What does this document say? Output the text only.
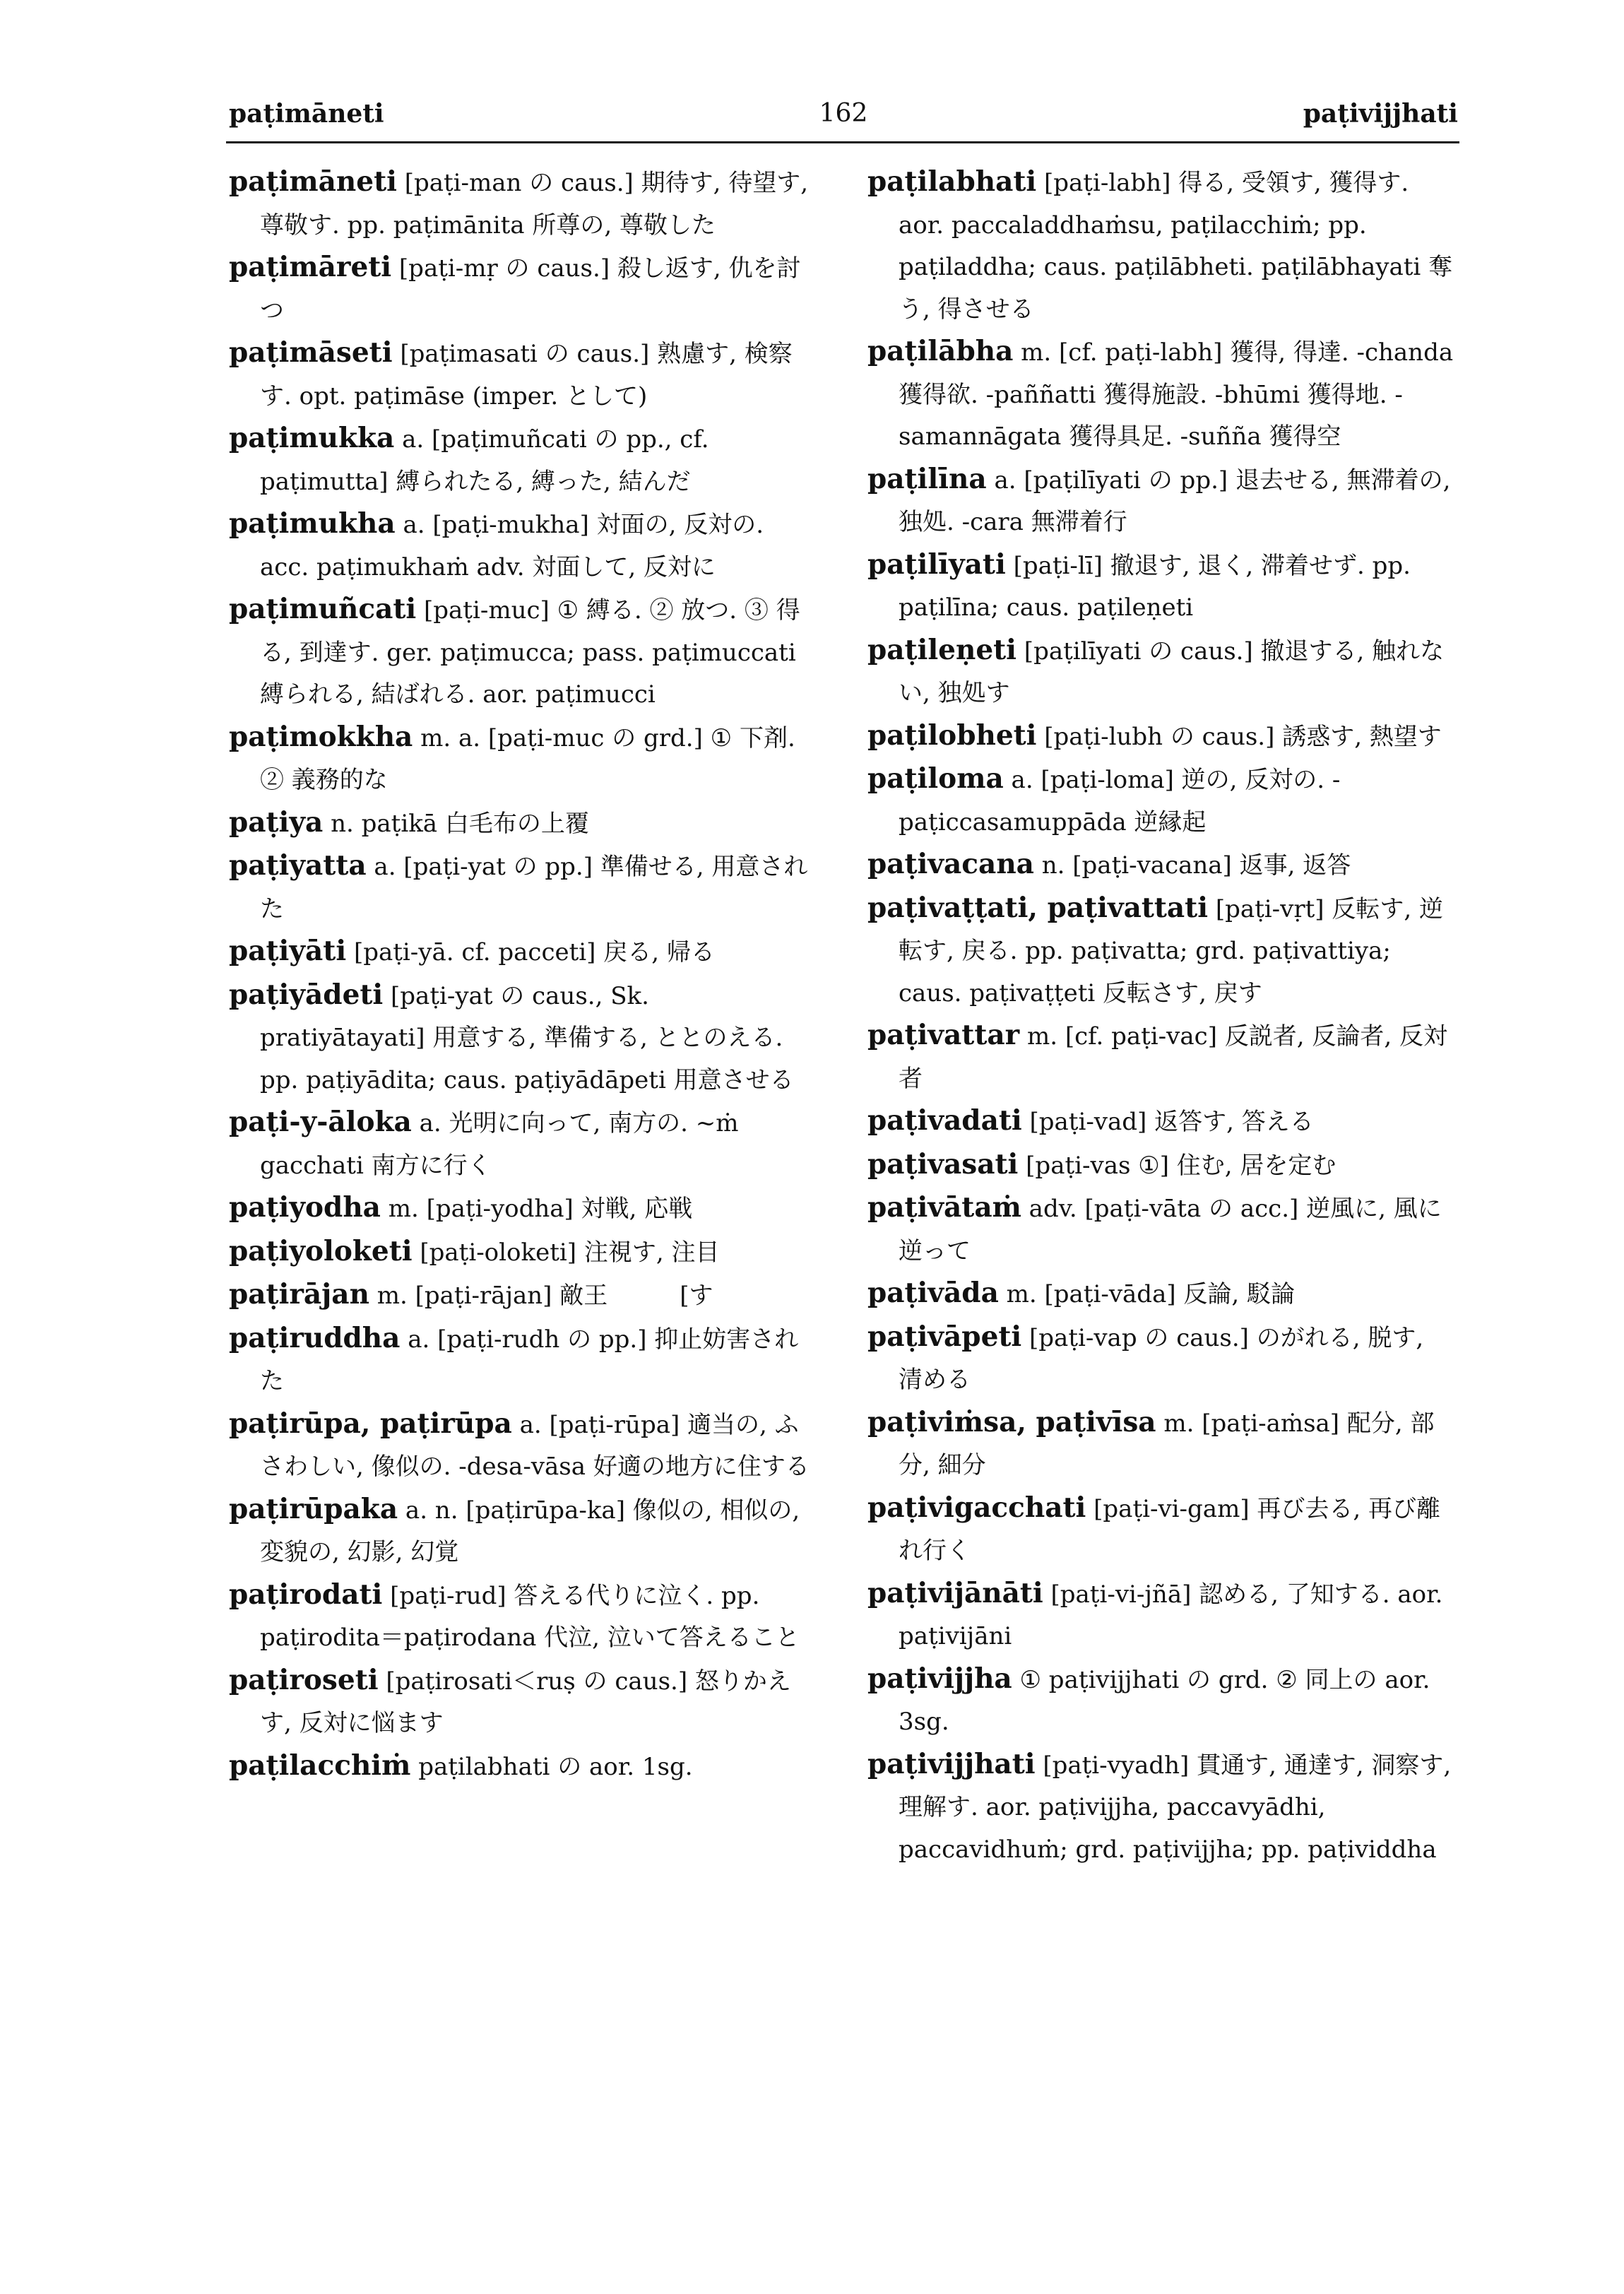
paṭimāneti	162	paṭivijjhati
paṭimāneti [paṭi-man の caus.] 期待す, 待望す, 尊敬す. pp. paṭimānita 所尊の, 尊敬した
paṭimāreti [paṭi-mṛ の caus.] 殺し返す, 仇を討つ
paṭimāseti [paṭimasati の caus.] 熟慮す, 検察す. opt. paṭimāse (imper. として)
paṭimukka a. [paṭimuñcati の pp., cf. paṭimutta] 縛られたる, 縛った, 結んだ
paṭimukha a. [paṭi-mukha] 対面の, 反対の. acc. paṭimukhaṁ adv. 対面して, 反対に
paṭimuñcati [paṭi-muc] ① 縛る. ② 放つ. ③ 得る, 到達す. ger. paṭimucca; pass. paṭimuccati 縛られる, 結ばれる. aor. paṭimucci
paṭimokkha m. a. [paṭi-muc の grd.] ① 下剤. ② 義務的な
paṭiya n. paṭikā 白毛布の上覆
paṭiyatta a. [paṭi-yat の pp.] 準備せる, 用意された
paṭiyāti [paṭi-yā. cf. pacceti] 戻る, 帰る
paṭiyādeti [paṭi-yat の caus., Sk. pratiyātayati] 用意する, 準備する, ととのえる. pp. paṭiyādita; caus. paṭiyādāpeti 用意させる
paṭi-y-āloka a. 光明に向って, 南方の. ~ṁ gacchati 南方に行く
paṭiyodha m. [paṭi-yodha] 対戦, 応戦
paṭiyoloketi [paṭi-oloketi] 注視す, 注目
paṭirājan m. [paṭi-rājan] 敵王　　　[す
paṭiruddha a. [paṭi-rudh の pp.] 抑止妨害された
paṭirūpa, paṭirūpa a. [paṭi-rūpa] 適当の, ふさわしい, 像似の. -desa-vāsa 好適の地方に住する
paṭirūpaka a. n. [paṭirūpa-ka] 像似の, 相似の, 変貌の, 幻影, 幻覚
paṭirodati [paṭi-rud] 答える代りに泣く. pp. paṭirodita＝paṭirodana 代泣, 泣いて答えること
paṭiroseti [paṭirosati＜ruṣ の caus.] 怒りかえす, 反対に悩ます
paṭilacchiṁ paṭilabhati の aor. 1sg.
paṭilabhati [paṭi-labh] 得る, 受領す, 獲得す. aor. paccaladdhaṁsu, paṭilacchiṁ; pp. paṭiladdha; caus. paṭilābheti. paṭilābhayati 奪う, 得させる
paṭilābha m. [cf. paṭi-labh] 獲得, 得達. -chanda 獲得欲. -paññatti 獲得施設. -bhūmi 獲得地. -samannāgata 獲得具足. -suñña 獲得空
paṭilīna a. [paṭilīyati の pp.] 退去せる, 無滞着の, 独処. -cara 無滞着行
paṭilīyati [paṭi-lī] 撤退す, 退く, 滞着せず. pp. paṭilīna; caus. paṭileṇeti
paṭileṇeti [paṭilīyati の caus.] 撤退する, 触れない, 独処す
paṭilobheti [paṭi-lubh の caus.] 誘惑す, 熱望す
paṭiloma a. [paṭi-loma] 逆の, 反対の. -paṭiccasamuppāda 逆縁起
paṭivacana n. [paṭi-vacana] 返事, 返答
paṭivaṭṭati, paṭivattati [paṭi-vṛt] 反転す, 逆転す, 戻る. pp. paṭivatta; grd. paṭivattiya; caus. paṭivaṭṭeti 反転さす, 戻す
paṭivattar m. [cf. paṭi-vac] 反説者, 反論者, 反対者
paṭivadati [paṭi-vad] 返答す, 答える
paṭivasati [paṭi-vas ①] 住む, 居を定む
paṭivātaṁ adv. [paṭi-vāta の acc.] 逆風に, 風に逆って
paṭivāda m. [paṭi-vāda] 反論, 駁論
paṭivāpeti [paṭi-vap の caus.] のがれる, 脱す, 清める
paṭiviṁsa, paṭivīsa m. [paṭi-aṁsa] 配分, 部分, 細分
paṭivigacchati [paṭi-vi-gam] 再び去る, 再び離れ行く
paṭivijānāti [paṭi-vi-jñā] 認める, 了知する. aor. paṭivijāni
paṭivijjha ① paṭivijjhati の grd. ② 同上の aor. 3sg.
paṭivijjhati [paṭi-vyadh] 貫通す, 通達す, 洞察す, 理解す. aor. paṭivijjha, paccavyādhi, paccavidhuṁ; grd. paṭivijjha; pp. paṭividdha
